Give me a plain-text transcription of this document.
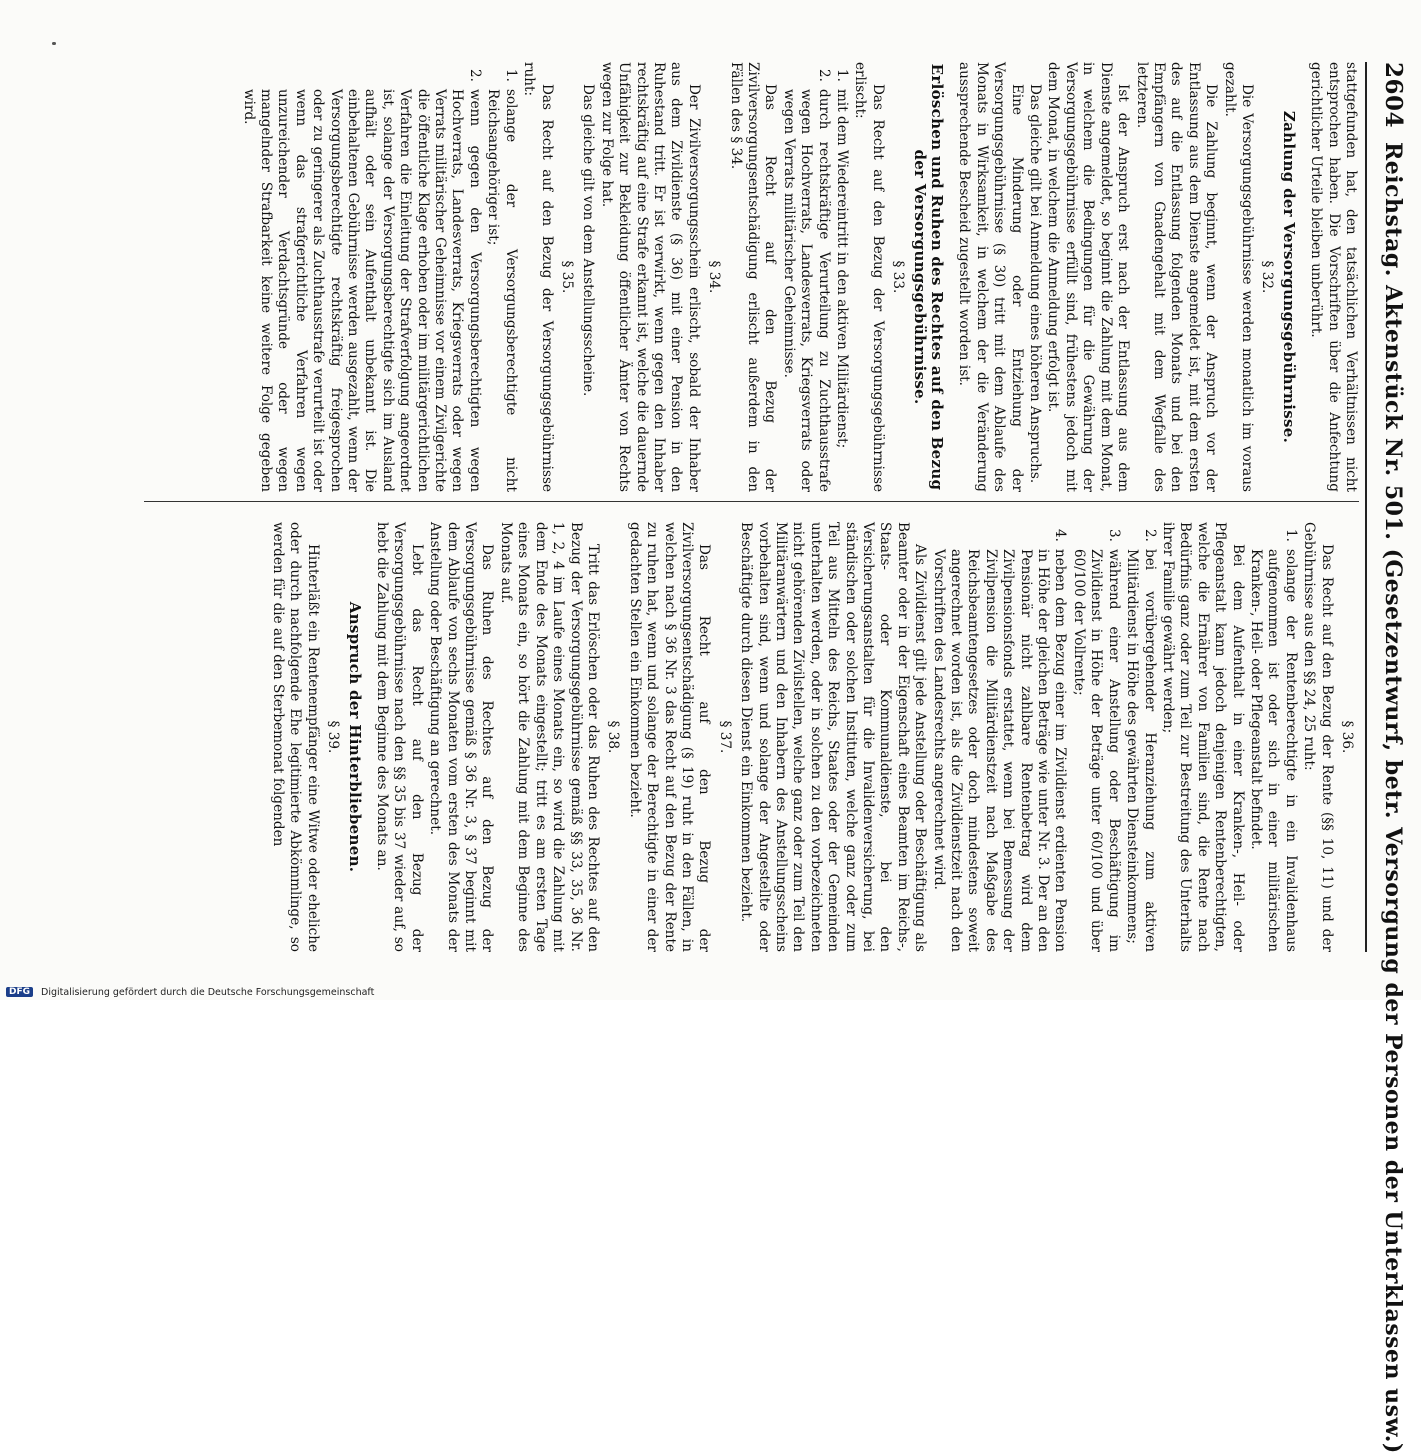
2604
Reichstag. Aktenstück Nr. 501. (Gesetzentwurf, betr. Versorgung der Personen der Unterklassen usw.)

stattgefunden hat, den tatsächlichen Verhältnissen nicht entsprochen haben. Die Vorschriften über die Anfechtung gerichtlicher Urteile bleiben unberührt.

Zahlung der Versorgungsgebührnisse.
§ 32.

Die Versorgungsgebührnisse werden monatlich im voraus gezahlt.

Die Zahlung beginnt, wenn der Anspruch vor der Entlassung aus dem Dienste angemeldet ist, mit dem ersten des auf die Entlassung folgenden Monats und bei den Empfängern von Gnadengehalt mit dem Wegfalle des letzteren.

Ist der Anspruch erst nach der Entlassung aus dem Dienste angemeldet, so beginnt die Zahlung mit dem Monat, in welchem die Bedingungen für die Gewährung der Versorgungsgebührnisse erfüllt sind, frühestens jedoch mit dem Monat, in welchem die Anmeldung erfolgt ist.

Das gleiche gilt bei Anmeldung eines höheren Anspruchs.

Eine Minderung oder Entziehung der Versorgungsgebührnisse (§ 30) tritt mit dem Ablaufe des Monats in Wirksamkeit, in welchem der die Veränderung aussprechende Bescheid zugestellt worden ist.

Erlöschen und Ruhen des Rechtes auf den Bezug der Versorgungsgebührnisse.
§ 33.

Das Recht auf den Bezug der Versorgungsgebührnisse erlischt:

1.
mit dem Wiedereintritt in den aktiven Militärdienst;
2.
durch rechtskräftige Verurteilung zu Zuchthausstrafe wegen Hochverrats, Landesverrats, Kriegsverrats oder wegen Verrats militärischer Geheimnisse.

Das Recht auf den Bezug der Zivilversorgungsentschädigung erlischt außerdem in den Fällen des § 34.

§ 34.

Der Zivilversorgungsschein erlischt, sobald der Inhaber aus dem Zivildienste (§ 36) mit einer Pension in den Ruhestand tritt. Er ist verwirkt, wenn gegen den Inhaber rechtskräftig auf eine Strafe erkannt ist, welche die dauernde Unfähigkeit zur Bekleidung öffentlicher Ämter von Rechts wegen zur Folge hat.

Das gleiche gilt von dem Anstellungsscheine.

§ 35.

Das Recht auf den Bezug der Versorgungsgebührnisse ruht:

1.
solange der Versorgungsberechtigte nicht Reichsangehöriger ist;
2.
wenn gegen den Versorgungsberechtigten wegen Hochverrats, Landesverrats, Kriegsverrats oder wegen Verrats militärischer Geheimnisse vor einem Zivilgerichte die öffentliche Klage erhoben oder im militärgerichtlichen Verfahren die Einleitung der Strafverfolgung angeordnet ist, solange der Versorgungsberechtigte sich im Ausland aufhält oder sein Aufenthalt unbekannt ist. Die einbehaltenen Gebührnisse werden ausgezahlt, wenn der Versorgungsberechtigte rechtskräftig freigesprochen oder zu geringerer als Zuchthausstrafe verurteilt ist oder wenn das strafgerichtliche Verfahren wegen unzureichender Verdachtsgründe oder wegen mangelnder Strafbarkeit keine weitere Folge gegeben wird.
§ 36.

Das Recht auf den Bezug der Rente (§§ 10, 11) und der Gebührnisse aus den §§ 24, 25 ruht:

1.
solange der Rentenberechtigte in ein Invalidenhaus aufgenommen ist oder sich in einer militärischen Kranken-, Heil- oder Pflegeanstalt befindet.

Bei dem Aufenthalt in einer Kranken-, Heil- oder Pflegeanstalt kann jedoch denjenigen Rentenberechtigten, welche die Ernährer von Familien sind, die Rente nach Bedürfnis ganz oder zum Teil zur Bestreitung des Unterhalts ihrer Familie gewährt werden;

2.
bei vorübergehender Heranziehung zum aktiven Militärdienst in Höhe des gewährten Diensteinkommens;
3.
während einer Anstellung oder Beschäftigung im Zivildienst in Höhe der Beträge unter 60/100 und über 60/100 der Vollrente;
4.
neben dem Bezug einer im Zivildienst erdienten Pension in Höhe der gleichen Beträge wie unter Nr. 3. Der an den Pensionär nicht zahlbare Rentenbetrag wird dem Zivilpensionsfonds erstattet, wenn bei Bemessung der Zivilpension die Militärdienstzeit nach Maßgabe des Reichsbeamtengesetzes oder doch mindestens soweit angerechnet worden ist, als die Zivildienstzeit nach den Vorschriften des Landesrechts angerechnet wird.

Als Zivildienst gilt jede Anstellung oder Beschäftigung als Beamter oder in der Eigenschaft eines Beamten im Reichs-, Staats- oder Kommunaldienste, bei den Versicherungsanstalten für die Invalidenversicherung, bei ständischen oder solchen Instituten, welche ganz oder zum Teil aus Mitteln des Reichs, Staates oder der Gemeinden unterhalten werden, oder in solchen zu den vorbezeichneten nicht gehörenden Zivilstellen, welche ganz oder zum Teil den Militäranwärtern und den Inhabern des Anstellungsscheins vorbehalten sind, wenn und solange der Angestellte oder Beschäftigte durch diesen Dienst ein Einkommen bezieht.

§ 37.

Das Recht auf den Bezug der Zivilversorgungsentschädigung (§ 19) ruht in den Fällen, in welchen nach § 36 Nr. 3 das Recht auf den Bezug der Rente zu ruhen hat, wenn und solange der Berechtigte in einer der gedachten Stellen ein Einkommen bezieht.

§ 38.

Tritt das Erlöschen oder das Ruhen des Rechtes auf den Bezug der Versorgungsgebührnisse gemäß §§ 33, 35, 36 Nr. 1, 2, 4 im Laufe eines Monats ein, so wird die Zahlung mit dem Ende des Monats eingestellt; tritt es am ersten Tage eines Monats ein, so hört die Zahlung mit dem Beginne des Monats auf.

Das Ruhen des Rechtes auf den Bezug der Versorgungsgebührnisse gemäß § 36 Nr. 3, § 37 beginnt mit dem Ablaufe von sechs Monaten vom ersten des Monats der Anstellung oder Beschäftigung an gerechnet.

Lebt das Recht auf den Bezug der Versorgungsgebührnisse nach den §§ 35 bis 37 wieder auf, so hebt die Zahlung mit dem Beginne des Monats an.

Anspruch der Hinterbliebenen.
§ 39.

Hinterläßt ein Rentenempfänger eine Witwe oder eheliche oder durch nachfolgende Ehe legitimierte Abkömmlinge, so werden für die auf den Sterbemonat folgenden

DFG	Digitalisierung gefördert durch die Deutsche Forschungsgemeinschaft
